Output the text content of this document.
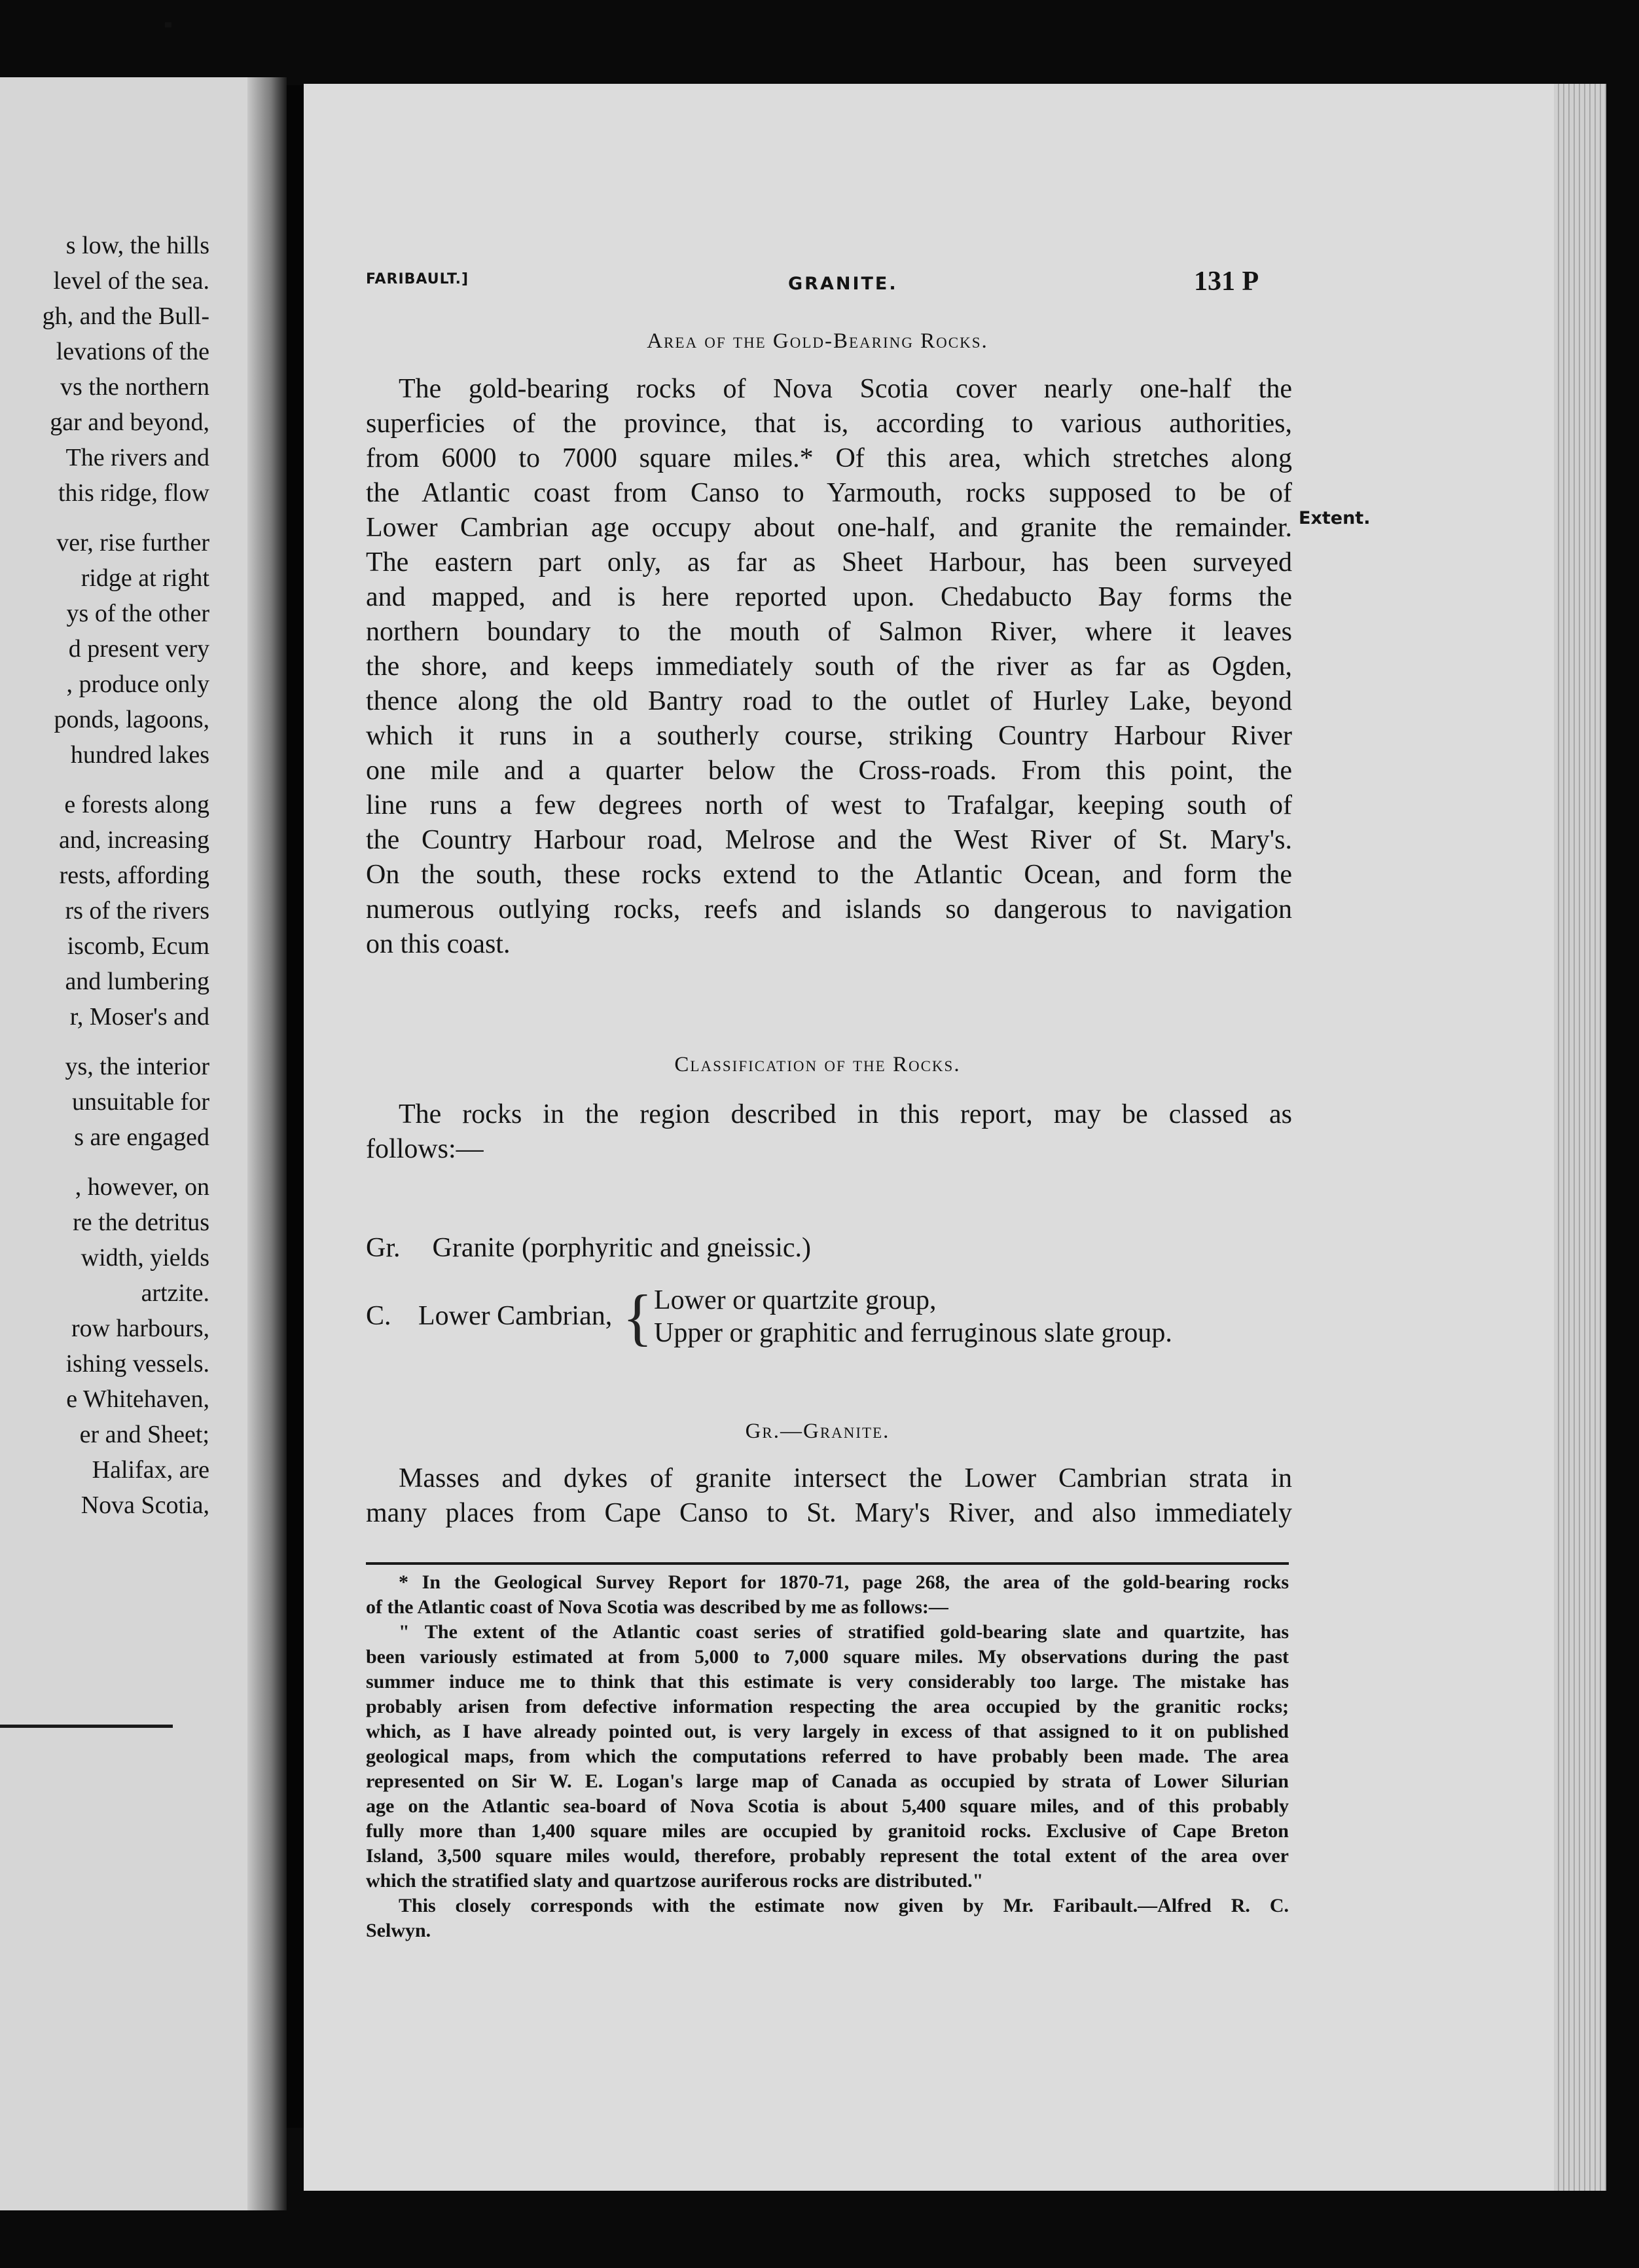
s low, the hills
level of the sea.
gh, and the Bull-
levations of the
vs the northern
gar and beyond,
The rivers and
this ridge, flow
ver, rise further
ridge at right
ys of the other
d present very
, produce only
ponds, lagoons,
hundred lakes
e forests along
and, increasing
rests, affording
rs of the rivers
iscomb, Ecum
and lumbering
r, Moser's and
ys, the interior
unsuitable for
s are engaged
, however, on
re the detritus
width, yields
artzite.
row harbours,
ishing vessels.
e Whitehaven,
er and Sheet;
Halifax, are
Nova Scotia,
FARIBAULT.]	GRANITE.	131 P
Area of the Gold-Bearing Rocks.
The gold-bearing rocks of Nova Scotia cover nearly one-half the
superficies of the province, that is, according to various authorities,
from 6000 to 7000 square miles.* Of this area, which stretches along
the Atlantic coast from Canso to Yarmouth, rocks supposed to be of
Lower Cambrian age occupy about one-half, and granite the remainder.
The eastern part only, as far as Sheet Harbour, has been surveyed
and mapped, and is here reported upon. Chedabucto Bay forms the
northern boundary to the mouth of Salmon River, where it leaves
the shore, and keeps immediately south of the river as far as Ogden,
thence along the old Bantry road to the outlet of Hurley Lake, beyond
which it runs in a southerly course, striking Country Harbour River
one mile and a quarter below the Cross-roads. From this point, the
line runs a few degrees north of west to Trafalgar, keeping south of
the Country Harbour road, Melrose and the West River of St. Mary's.
On the south, these rocks extend to the Atlantic Ocean, and form the
numerous outlying rocks, reefs and islands so dangerous to navigation
on this coast.
Extent.
Classification of the Rocks.
The rocks in the region described in this report, may be classed as
follows:—
Gr. Granite (porphyritic and gneissic.)
C. Lower Cambrian, { Lower or quartzite group,
Upper or graphitic and ferruginous slate group.
Gr.—Granite.
Masses and dykes of granite intersect the Lower Cambrian strata in
many places from Cape Canso to St. Mary's River, and also immediately
* In the Geological Survey Report for 1870-71, page 268, the area of the gold-bearing rocks
of the Atlantic coast of Nova Scotia was described by me as follows:—
" The extent of the Atlantic coast series of stratified gold-bearing slate and quartzite, has
been variously estimated at from 5,000 to 7,000 square miles. My observations during the past
summer induce me to think that this estimate is very considerably too large. The mistake has
probably arisen from defective information respecting the area occupied by the granitic rocks;
which, as I have already pointed out, is very largely in excess of that assigned to it on published
geological maps, from which the computations referred to have probably been made. The area
represented on Sir W. E. Logan's large map of Canada as occupied by strata of Lower Silurian
age on the Atlantic sea-board of Nova Scotia is about 5,400 square miles, and of this probably
fully more than 1,400 square miles are occupied by granitoid rocks. Exclusive of Cape Breton
Island, 3,500 square miles would, therefore, probably represent the total extent of the area over
which the stratified slaty and quartzose auriferous rocks are distributed."
This closely corresponds with the estimate now given by Mr. Faribault.—Alfred R. C.
Selwyn.
